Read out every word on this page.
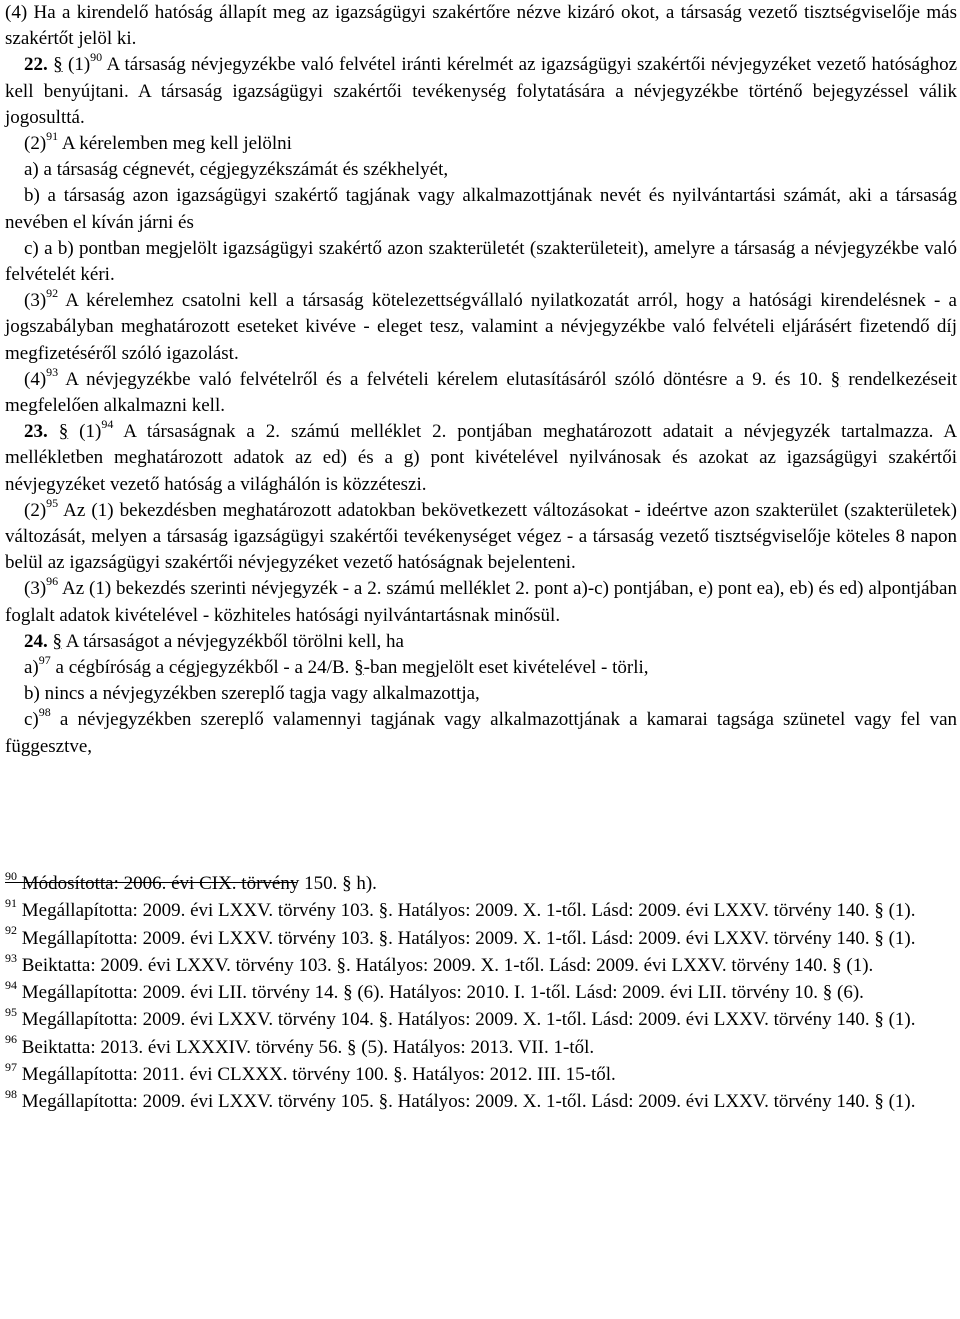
(4) Ha a kirendelő hatóság állapít meg az igazságügyi szakértőre nézve kizáró okot, a társaság vezető tisztségviselője más szakértőt jelöl ki.

22. § $(1)^{90}$ A társaság névjegyzékbe való felvétel iránti kérelmét az igazságügyi szakértői névjegyzéket vezető hatósághoz kell benyújtani. A társaság igazságügyi szakértői tevékenység folytatására a névjegyzékbe történő bejegyzéssel válik jogosulttá.

$(2)^{91}$ A kérelemben meg kell jelölni

a) a társaság cégnevét, cégjegyzékszámát és székhelyét,

b) a társaság azon igazságügyi szakértő tagjának vagy alkalmazottjának nevét és nyilvántartási számát, aki a társaság nevében el kíván járni és

c) a b) pontban megjelölt igazságügyi szakértő azon szakterületét (szakterületeit), amelyre a társaság a névjegyzékbe való felvételét kéri.

$(3)^{92}$ A kérelemhez csatolni kell a társaság kötelezettségvállaló nyilatkozatát arról, hogy a hatósági kirendelésnek - a jogszabályban meghatározott eseteket kivéve - eleget tesz, valamint a névjegyzékbe való felvételi eljárásért fizetendő díj megfizetéséről szóló igazolást.

$(4)^{93}$ A névjegyzékbe való felvételről és a felvételi kérelem elutasításáról szóló döntésre a 9. és 10. § rendelkezéseit megfelelően alkalmazni kell.

23. § $(1)^{94}$ A társaságnak a 2. számú melléklet 2. pontjában meghatározott adatait a névjegyzék tartalmazza. A mellékletben meghatározott adatok az ed) és a g) pont kivételével nyilvánosak és azokat az igazságügyi szakértői névjegyzéket vezető hatóság a világhálón is közzéteszi.

$(2)^{95}$ Az (1) bekezdésben meghatározott adatokban bekövetkezett változásokat - ideértve azon szakterület (szakterületek) változását, melyen a társaság igazságügyi szakértői tevékenységet végez - a társaság vezető tisztségviselője köteles 8 napon belül az igazságügyi szakértői névjegyzéket vezető hatóságnak bejelenteni.

$(3)^{96}$ Az (1) bekezdés szerinti névjegyzék - a 2. számú melléklet 2. pont a)-c) pontjában, e) pont ea), eb) és ed) alpontjában foglalt adatok kivételével - közhiteles hatósági nyilvántartásnak minősül.

24. § A társaságot a névjegyzékből törölni kell, ha

a)$^{97}$ a cégbíróság a cégjegyzékből - a 24/B. §-ban megjelölt eset kivételével - törli,

b) nincs a névjegyzékben szereplő tagja vagy alkalmazottja,

c)$^{98}$ a névjegyzékben szereplő valamennyi tagjának vagy alkalmazottjának a kamarai tagsága szünetel vagy fel van függesztve,

$^{90}$ Módosította: 2006. évi CIX. törvény 150. § h).

$^{91}$ Megállapította: 2009. évi LXXV. törvény 103. §. Hatályos: 2009. X. 1-től. Lásd: 2009. évi LXXV. törvény 140. § (1).

$^{92}$ Megállapította: 2009. évi LXXV. törvény 103. §. Hatályos: 2009. X. 1-től. Lásd: 2009. évi LXXV. törvény 140. § (1).

$^{93}$ Beiktatta: 2009. évi LXXV. törvény 103. §. Hatályos: 2009. X. 1-től. Lásd: 2009. évi LXXV. törvény 140. § (1).

$^{94}$ Megállapította: 2009. évi LII. törvény 14. § (6). Hatályos: 2010. I. 1-től. Lásd: 2009. évi LII. törvény 10. § (6).

$^{95}$ Megállapította: 2009. évi LXXV. törvény 104. §. Hatályos: 2009. X. 1-től. Lásd: 2009. évi LXXV. törvény 140. § (1).

$^{96}$ Beiktatta: 2013. évi LXXXIV. törvény 56. § (5). Hatályos: 2013. VII. 1-től.

$^{97}$ Megállapította: 2011. évi CLXXX. törvény 100. §. Hatályos: 2012. III. 15-től.

$^{98}$ Megállapította: 2009. évi LXXV. törvény 105. §. Hatályos: 2009. X. 1-től. Lásd: 2009. évi LXXV. törvény 140. § (1).
